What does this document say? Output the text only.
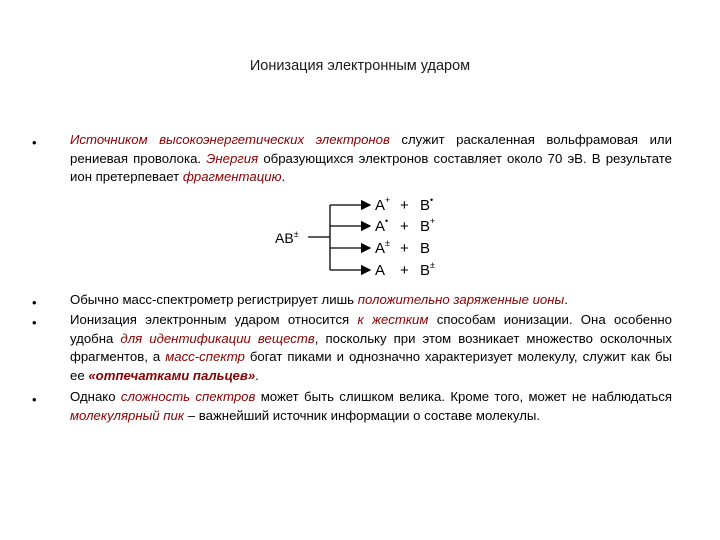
Ионизация электронным ударом
•	Источником высокоэнергетических электронов служит раскаленная вольфрамовая или рениевая проволока. Энергия образующихся электронов составляет около 70 эВ. В результате ион претерпевает фрагментацию.
AB±
A+ + B•
A• + B+
A± + B
A + B±
•	Обычно масс-спектрометр регистрирует лишь положительно заряженные ионы.
•	Ионизация электронным ударом относится к жестким способам ионизации. Она особенно удобна для идентификации веществ, поскольку при этом возникает множество осколочных фрагментов, а масс-спектр богат пиками и однозначно характеризует молекулу, служит как бы ее «отпечатками пальцев».
•	Однако сложность спектров может быть слишком велика. Кроме того, может не наблюдаться молекулярный пик – важнейший источник информации о составе молекулы.
